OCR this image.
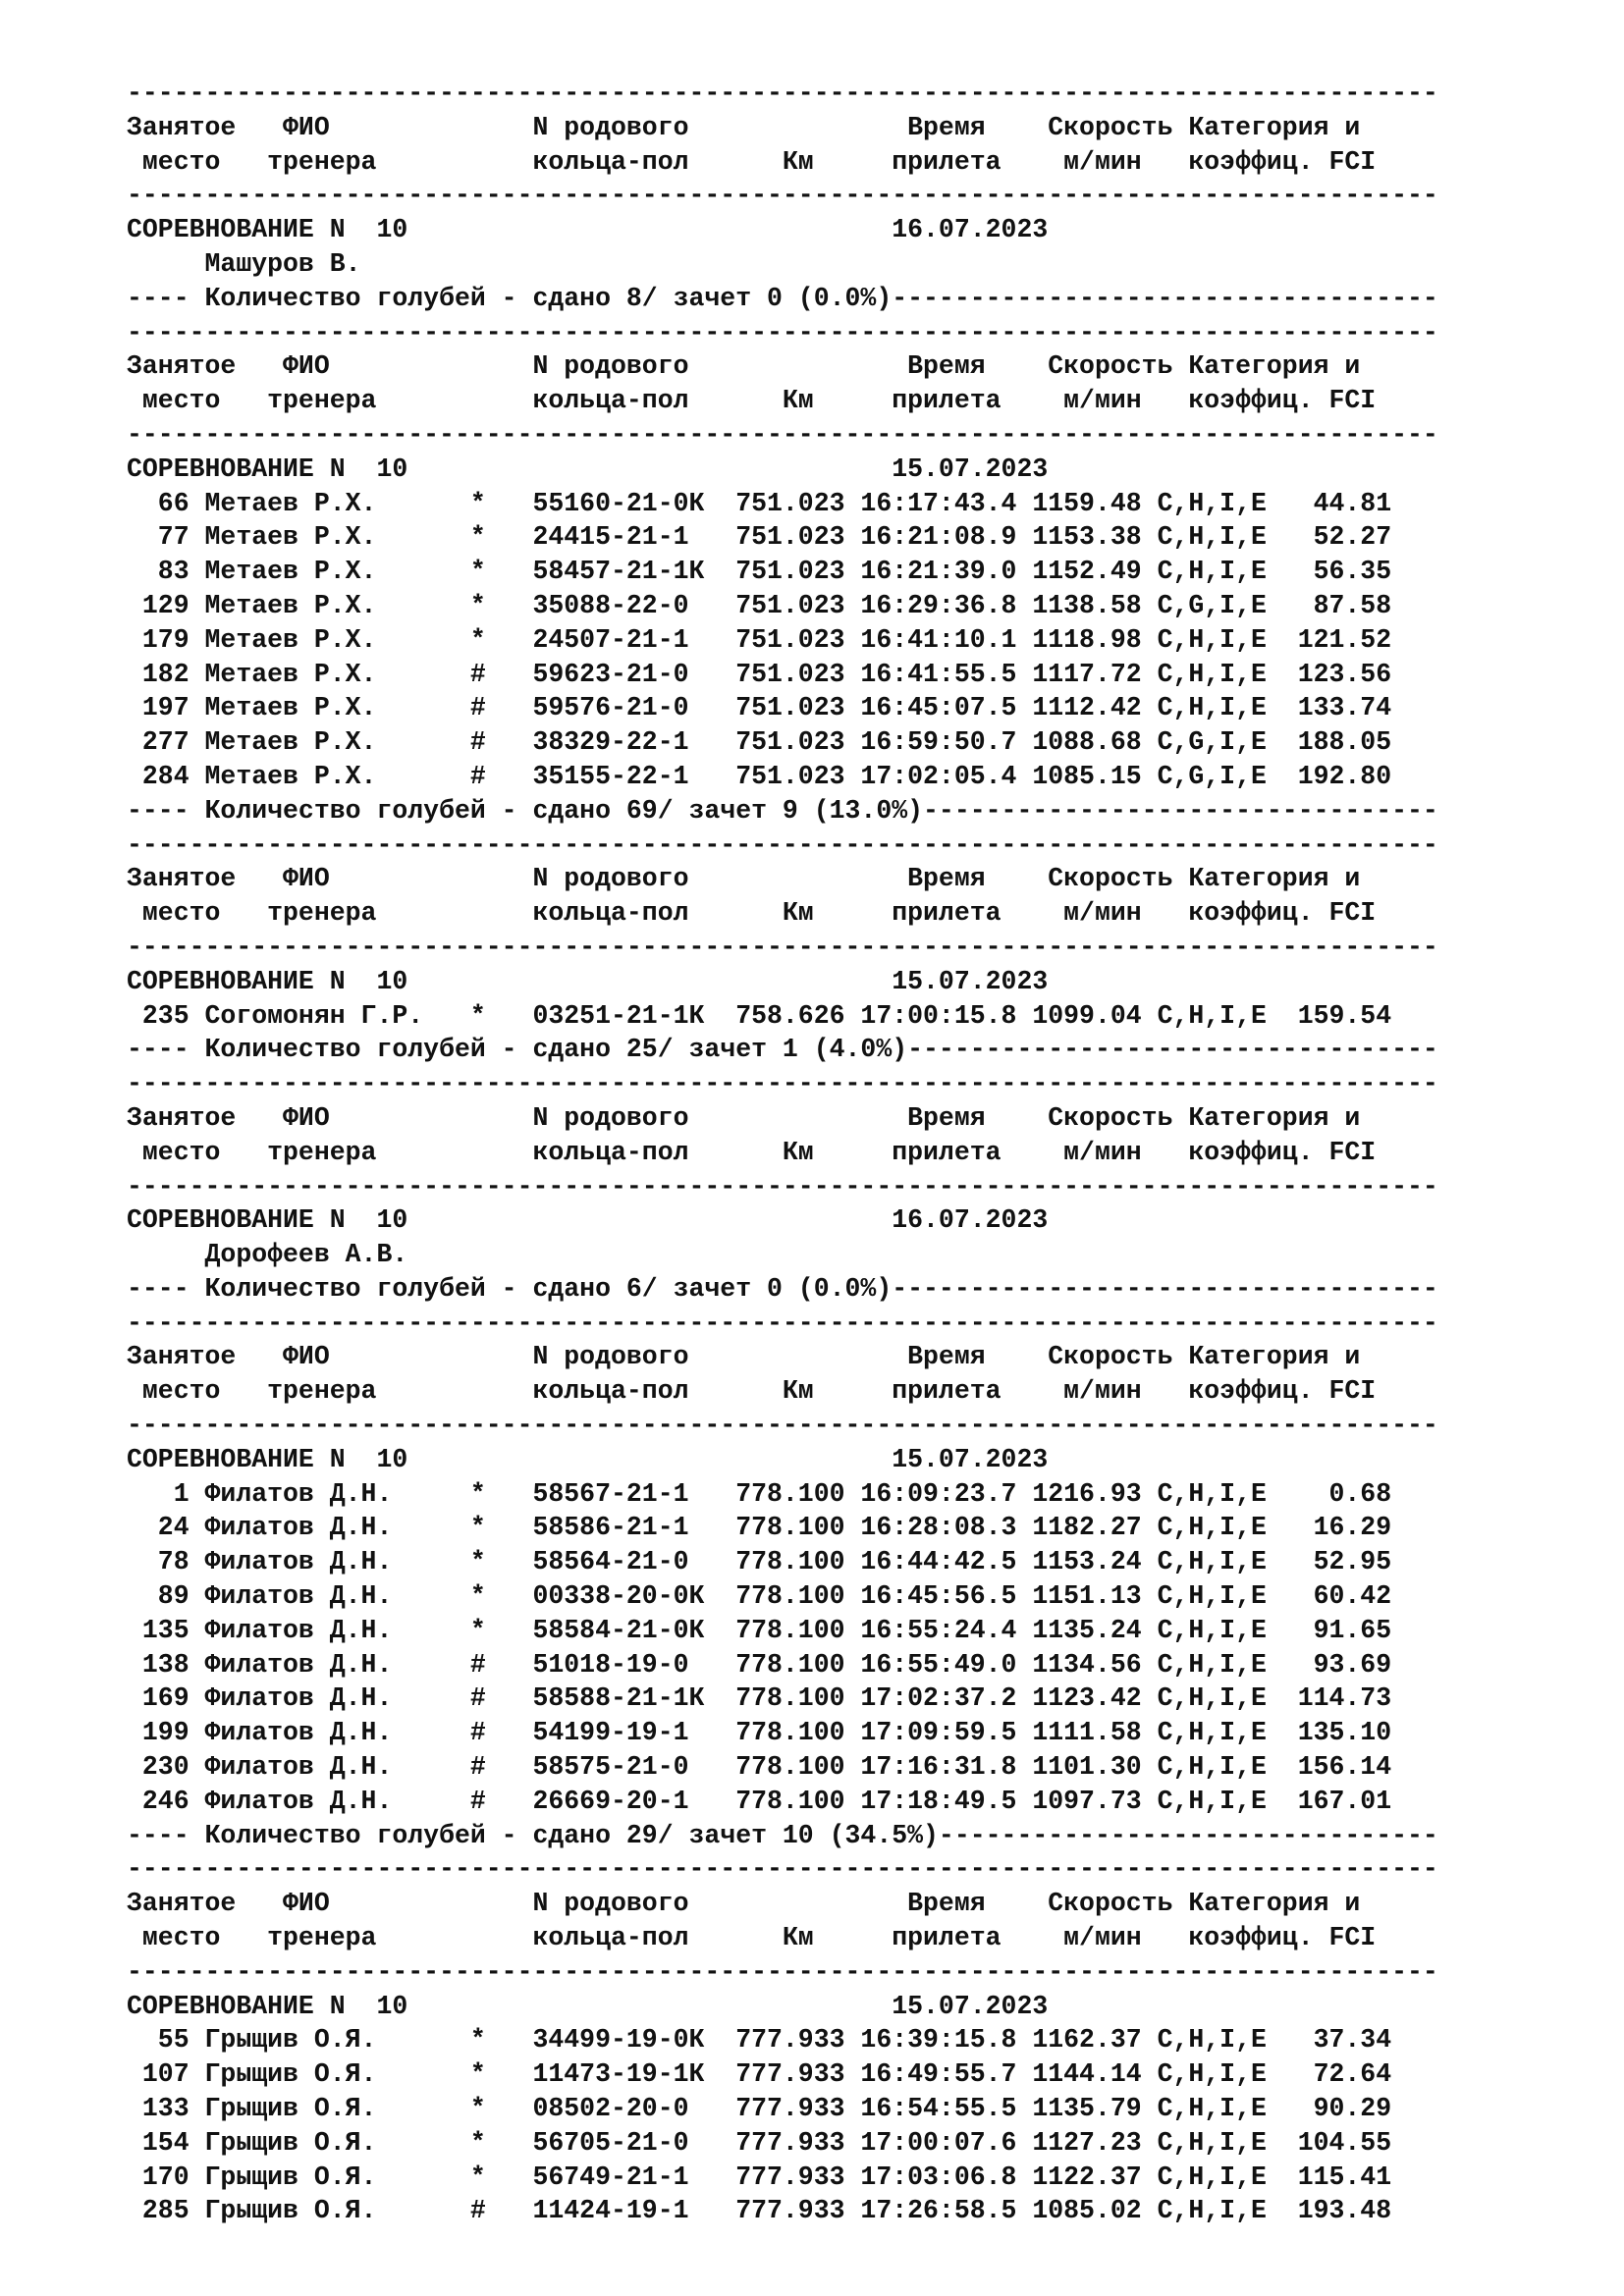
------------------------------------------------------------------------------------
Занятое   ФИО             N родового              Время    Скорость Категория и
место   тренера          кольца-пол      Км     прилета    м/мин   коэффиц. FCI
------------------------------------------------------------------------------------
СОРЕВНОВАНИЕ N  10                               16.07.2023
Машуров В.
---- Количество голубей - сдано 8/ зачет 0 (0.0%)-----------------------------------
------------------------------------------------------------------------------------
Занятое   ФИО             N родового              Время    Скорость Категория и
место   тренера          кольца-пол      Км     прилета    м/мин   коэффиц. FCI
------------------------------------------------------------------------------------
СОРЕВНОВАНИЕ N  10                               15.07.2023
66 Метаев Р.Х.      *   55160-21-0К  751.023 16:17:43.4 1159.48 C,H,I,E   44.81
77 Метаев Р.Х.      *   24415-21-1   751.023 16:21:08.9 1153.38 C,H,I,E   52.27
83 Метаев Р.Х.      *   58457-21-1К  751.023 16:21:39.0 1152.49 C,H,I,E   56.35
129 Метаев Р.Х.      *   35088-22-0   751.023 16:29:36.8 1138.58 C,G,I,E   87.58
179 Метаев Р.Х.      *   24507-21-1   751.023 16:41:10.1 1118.98 C,H,I,E  121.52
182 Метаев Р.Х.      #   59623-21-0   751.023 16:41:55.5 1117.72 C,H,I,E  123.56
197 Метаев Р.Х.      #   59576-21-0   751.023 16:45:07.5 1112.42 C,H,I,E  133.74
277 Метаев Р.Х.      #   38329-22-1   751.023 16:59:50.7 1088.68 C,G,I,E  188.05
284 Метаев Р.Х.      #   35155-22-1   751.023 17:02:05.4 1085.15 C,G,I,E  192.80
---- Количество голубей - сдано 69/ зачет 9 (13.0%)---------------------------------
------------------------------------------------------------------------------------
Занятое   ФИО             N родового              Время    Скорость Категория и
место   тренера          кольца-пол      Км     прилета    м/мин   коэффиц. FCI
------------------------------------------------------------------------------------
СОРЕВНОВАНИЕ N  10                               15.07.2023
235 Согомонян Г.Р.   *   03251-21-1К  758.626 17:00:15.8 1099.04 C,H,I,E  159.54
---- Количество голубей - сдано 25/ зачет 1 (4.0%)----------------------------------
------------------------------------------------------------------------------------
Занятое   ФИО             N родового              Время    Скорость Категория и
место   тренера          кольца-пол      Км     прилета    м/мин   коэффиц. FCI
------------------------------------------------------------------------------------
СОРЕВНОВАНИЕ N  10                               16.07.2023
Дорофеев А.В.
---- Количество голубей - сдано 6/ зачет 0 (0.0%)-----------------------------------
------------------------------------------------------------------------------------
Занятое   ФИО             N родового              Время    Скорость Категория и
место   тренера          кольца-пол      Км     прилета    м/мин   коэффиц. FCI
------------------------------------------------------------------------------------
СОРЕВНОВАНИЕ N  10                               15.07.2023
1 Филатов Д.Н.     *   58567-21-1   778.100 16:09:23.7 1216.93 C,H,I,E    0.68
24 Филатов Д.Н.     *   58586-21-1   778.100 16:28:08.3 1182.27 C,H,I,E   16.29
78 Филатов Д.Н.     *   58564-21-0   778.100 16:44:42.5 1153.24 C,H,I,E   52.95
89 Филатов Д.Н.     *   00338-20-0К  778.100 16:45:56.5 1151.13 C,H,I,E   60.42
135 Филатов Д.Н.     *   58584-21-0К  778.100 16:55:24.4 1135.24 C,H,I,E   91.65
138 Филатов Д.Н.     #   51018-19-0   778.100 16:55:49.0 1134.56 C,H,I,E   93.69
169 Филатов Д.Н.     #   58588-21-1К  778.100 17:02:37.2 1123.42 C,H,I,E  114.73
199 Филатов Д.Н.     #   54199-19-1   778.100 17:09:59.5 1111.58 C,H,I,E  135.10
230 Филатов Д.Н.     #   58575-21-0   778.100 17:16:31.8 1101.30 C,H,I,E  156.14
246 Филатов Д.Н.     #   26669-20-1   778.100 17:18:49.5 1097.73 C,H,I,E  167.01
---- Количество голубей - сдано 29/ зачет 10 (34.5%)--------------------------------
------------------------------------------------------------------------------------
Занятое   ФИО             N родового              Время    Скорость Категория и
место   тренера          кольца-пол      Км     прилета    м/мин   коэффиц. FCI
------------------------------------------------------------------------------------
СОРЕВНОВАНИЕ N  10                               15.07.2023
55 Грыщив О.Я.      *   34499-19-0К  777.933 16:39:15.8 1162.37 C,H,I,E   37.34
107 Грыщив О.Я.      *   11473-19-1К  777.933 16:49:55.7 1144.14 C,H,I,E   72.64
133 Грыщив О.Я.      *   08502-20-0   777.933 16:54:55.5 1135.79 C,H,I,E   90.29
154 Грыщив О.Я.      *   56705-21-0   777.933 17:00:07.6 1127.23 C,H,I,E  104.55
170 Грыщив О.Я.      *   56749-21-1   777.933 17:03:06.8 1122.37 C,H,I,E  115.41
285 Грыщив О.Я.      #   11424-19-1   777.933 17:26:58.5 1085.02 C,H,I,E  193.48
